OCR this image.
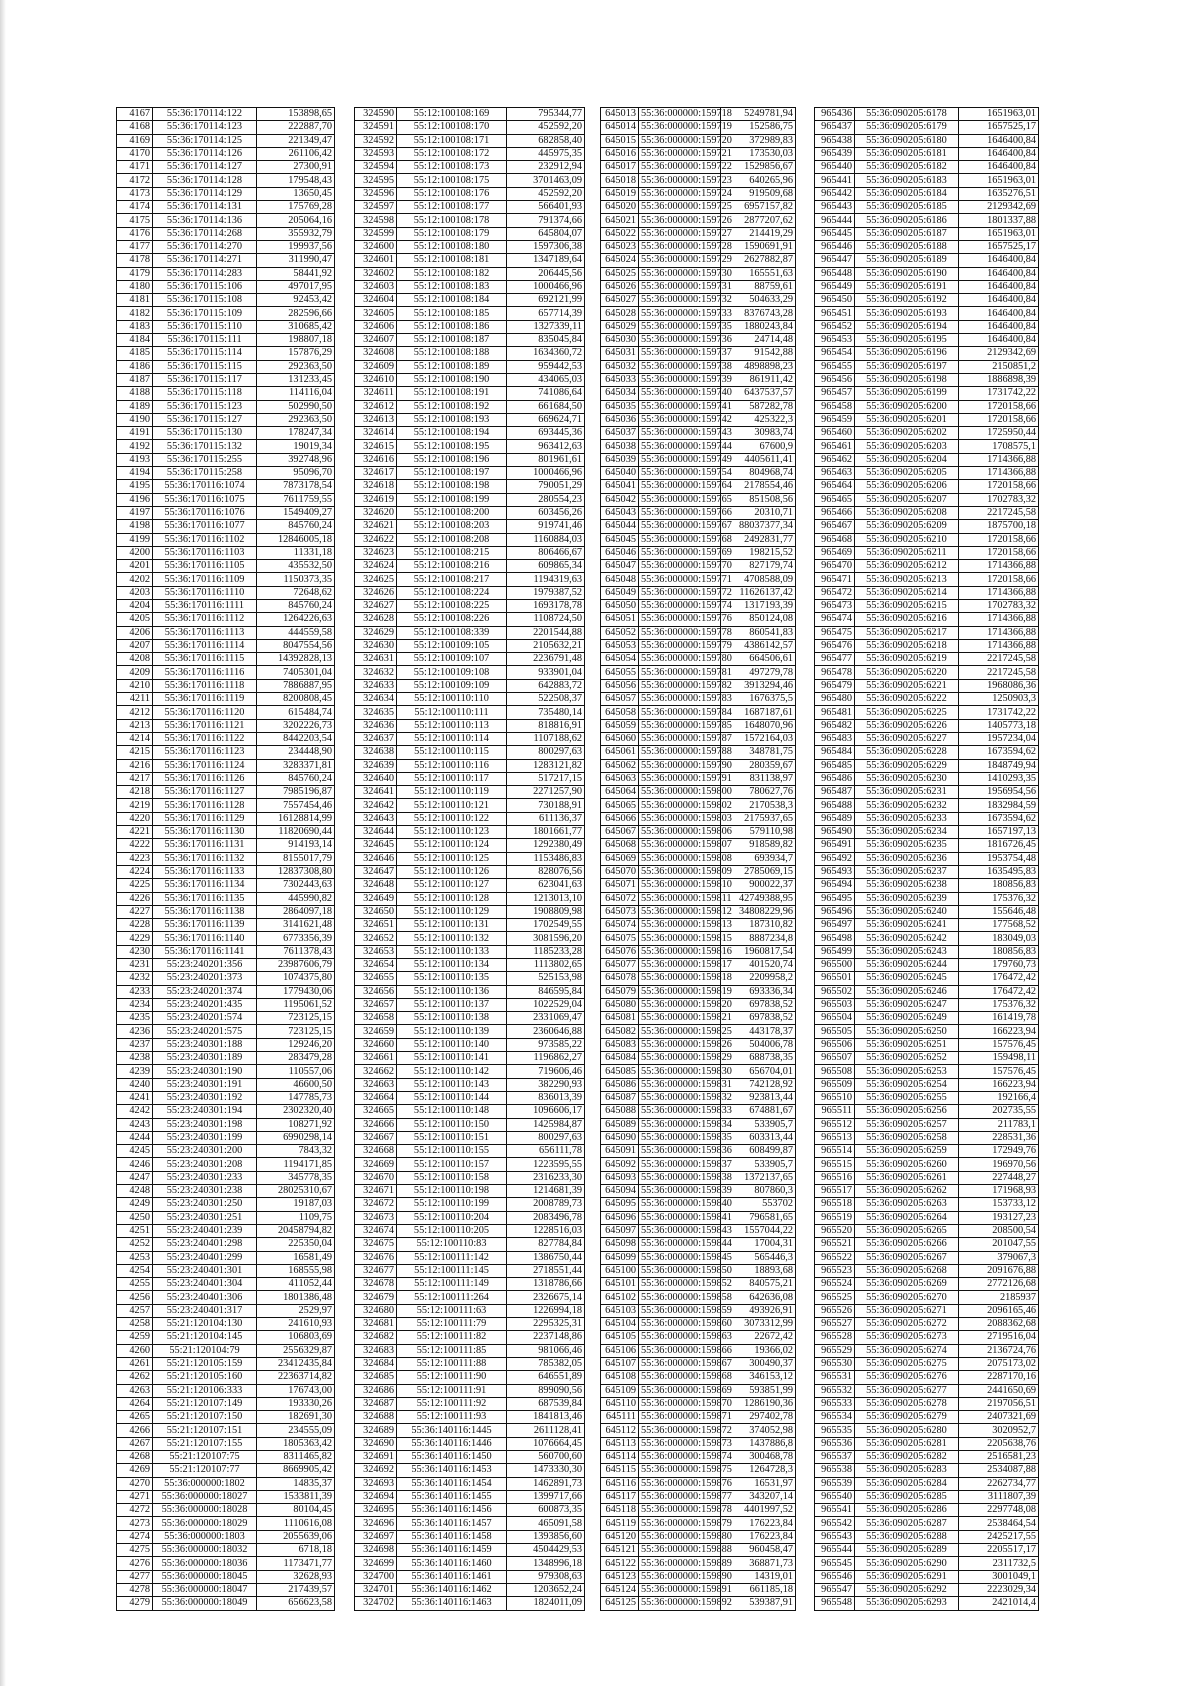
4167	55:36:170114:122	153898,65
4168	55:36:170114:123	222887,70
4169	55:36:170114:125	221349,47
4170	55:36:170114:126	261106,42
4171	55:36:170114:127	27300,91
4172	55:36:170114:128	179548,43
4173	55:36:170114:129	13650,45
4174	55:36:170114:131	175769,28
4175	55:36:170114:136	205064,16
4176	55:36:170114:268	355932,79
4177	55:36:170114:270	199937,56
4178	55:36:170114:271	311990,47
4179	55:36:170114:283	58441,92
4180	55:36:170115:106	497017,95
4181	55:36:170115:108	92453,42
4182	55:36:170115:109	282596,66
4183	55:36:170115:110	310685,42
4184	55:36:170115:111	198807,18
4185	55:36:170115:114	157876,29
4186	55:36:170115:115	292363,50
4187	55:36:170115:117	131233,45
4188	55:36:170115:118	114116,04
4189	55:36:170115:123	502990,50
4190	55:36:170115:127	292363,50
4191	55:36:170115:130	178247,34
4192	55:36:170115:132	19019,34
4193	55:36:170115:255	392748,96
4194	55:36:170115:258	95096,70
4195	55:36:170116:1074	7873178,54
4196	55:36:170116:1075	7611759,55
4197	55:36:170116:1076	1549409,27
4198	55:36:170116:1077	845760,24
4199	55:36:170116:1102	12846005,18
4200	55:36:170116:1103	11331,18
4201	55:36:170116:1105	435532,50
4202	55:36:170116:1109	1150373,35
4203	55:36:170116:1110	72648,62
4204	55:36:170116:1111	845760,24
4205	55:36:170116:1112	1264226,63
4206	55:36:170116:1113	444559,58
4207	55:36:170116:1114	8047554,56
4208	55:36:170116:1115	14392828,13
4209	55:36:170116:1116	7405301,04
4210	55:36:170116:1118	7886887,95
4211	55:36:170116:1119	8200808,45
4212	55:36:170116:1120	615484,74
4213	55:36:170116:1121	3202226,73
4214	55:36:170116:1122	8442203,54
4215	55:36:170116:1123	234448,90
4216	55:36:170116:1124	3283371,81
4217	55:36:170116:1126	845760,24
4218	55:36:170116:1127	7985196,87
4219	55:36:170116:1128	7557454,46
4220	55:36:170116:1129	16128814,99
4221	55:36:170116:1130	11820690,44
4222	55:36:170116:1131	914193,14
4223	55:36:170116:1132	8155017,79
4224	55:36:170116:1133	12837308,80
4225	55:36:170116:1134	7302443,63
4226	55:36:170116:1135	445990,82
4227	55:36:170116:1138	2864097,18
4228	55:36:170116:1139	3141621,48
4229	55:36:170116:1140	6773356,39
4230	55:36:170116:1141	7611378,43
4231	55:23:240201:356	23987606,79
4232	55:23:240201:373	1074375,80
4233	55:23:240201:374	1779430,06
4234	55:23:240201:435	1195061,52
4235	55:23:240201:574	723125,15
4236	55:23:240201:575	723125,15
4237	55:23:240301:188	129246,20
4238	55:23:240301:189	283479,28
4239	55:23:240301:190	110557,06
4240	55:23:240301:191	46600,50
4241	55:23:240301:192	147785,73
4242	55:23:240301:194	2302320,40
4243	55:23:240301:198	108271,92
4244	55:23:240301:199	6990298,14
4245	55:23:240301:200	7843,32
4246	55:23:240301:208	1194171,85
4247	55:23:240301:233	345778,35
4248	55:23:240301:238	28025310,67
4249	55:23:240301:250	19187,03
4250	55:23:240301:251	1109,75
4251	55:23:240401:239	20458794,82
4252	55:23:240401:298	225350,04
4253	55:23:240401:299	16581,49
4254	55:23:240401:301	168555,98
4255	55:23:240401:304	411052,44
4256	55:23:240401:306	1801386,48
4257	55:23:240401:317	2529,97
4258	55:21:120104:130	241610,93
4259	55:21:120104:145	106803,69
4260	55:21:120104:79	2556329,87
4261	55:21:120105:159	23412435,84
4262	55:21:120105:160	22363714,82
4263	55:21:120106:333	176743,00
4264	55:21:120107:149	193330,26
4265	55:21:120107:150	182691,30
4266	55:21:120107:151	234555,09
4267	55:21:120107:155	1805363,42
4268	55:21:120107:75	8311465,82
4269	55:21:120107:77	8669905,42
4270	55:36:000000:1802	14835,37
4271	55:36:000000:18027	1533811,39
4272	55:36:000000:18028	80104,45
4273	55:36:000000:18029	1110616,08
4274	55:36:000000:1803	2055639,06
4275	55:36:000000:18032	6718,18
4276	55:36:000000:18036	1173471,77
4277	55:36:000000:18045	32628,93
4278	55:36:000000:18047	217439,57
4279	55:36:000000:18049	656623,58
324590	55:12:100108:169	795344,77
324591	55:12:100108:170	452592,20
324592	55:12:100108:171	682858,40
324593	55:12:100108:172	445975,35
324594	55:12:100108:173	232912,94
324595	55:12:100108:175	3701463,09
324596	55:12:100108:176	452592,20
324597	55:12:100108:177	566401,93
324598	55:12:100108:178	791374,66
324599	55:12:100108:179	645804,07
324600	55:12:100108:180	1597306,38
324601	55:12:100108:181	1347189,64
324602	55:12:100108:182	206445,56
324603	55:12:100108:183	1000466,96
324604	55:12:100108:184	692121,99
324605	55:12:100108:185	657714,39
324606	55:12:100108:186	1327339,11
324607	55:12:100108:187	835045,84
324608	55:12:100108:188	1634360,72
324609	55:12:100108:189	959442,53
324610	55:12:100108:190	434065,03
324611	55:12:100108:191	741086,64
324612	55:12:100108:192	661684,50
324613	55:12:100108:193	669624,71
324614	55:12:100108:194	693445,36
324615	55:12:100108:195	963412,63
324616	55:12:100108:196	801961,61
324617	55:12:100108:197	1000466,96
324618	55:12:100108:198	790051,29
324619	55:12:100108:199	280554,23
324620	55:12:100108:200	603456,26
324621	55:12:100108:203	919741,46
324622	55:12:100108:208	1160884,03
324623	55:12:100108:215	806466,67
324624	55:12:100108:216	609865,34
324625	55:12:100108:217	1194319,63
324626	55:12:100108:224	1979387,52
324627	55:12:100108:225	1693178,78
324628	55:12:100108:226	1108724,50
324629	55:12:100108:339	2201544,88
324630	55:12:100109:105	2105632,21
324631	55:12:100109:107	2236791,48
324632	55:12:100109:108	933901,04
324633	55:12:100109:109	642883,72
324634	55:12:100110:110	522508,37
324635	55:12:100110:111	735480,14
324636	55:12:100110:113	818816,91
324637	55:12:100110:114	1107188,62
324638	55:12:100110:115	800297,63
324639	55:12:100110:116	1283121,82
324640	55:12:100110:117	517217,15
324641	55:12:100110:119	2271257,90
324642	55:12:100110:121	730188,91
324643	55:12:100110:122	611136,37
324644	55:12:100110:123	1801661,77
324645	55:12:100110:124	1292380,49
324646	55:12:100110:125	1153486,83
324647	55:12:100110:126	828076,56
324648	55:12:100110:127	623041,63
324649	55:12:100110:128	1213013,10
324650	55:12:100110:129	1908809,98
324651	55:12:100110:131	1702549,55
324652	55:12:100110:132	3081596,20
324653	55:12:100110:133	1185233,28
324654	55:12:100110:134	1113802,65
324655	55:12:100110:135	525153,98
324656	55:12:100110:136	846595,84
324657	55:12:100110:137	1022529,04
324658	55:12:100110:138	2331069,47
324659	55:12:100110:139	2360646,88
324660	55:12:100110:140	973585,22
324661	55:12:100110:141	1196862,27
324662	55:12:100110:142	719606,46
324663	55:12:100110:143	382290,93
324664	55:12:100110:144	836013,39
324665	55:12:100110:148	1096606,17
324666	55:12:100110:150	1425984,87
324667	55:12:100110:151	800297,63
324668	55:12:100110:155	656111,78
324669	55:12:100110:157	1223595,55
324670	55:12:100110:158	2316233,30
324671	55:12:100110:198	1214681,39
324672	55:12:100110:199	2008789,73
324673	55:12:100110:204	2083496,78
324674	55:12:100110:205	1228516,03
324675	55:12:100110:83	827784,84
324676	55:12:100111:142	1386750,44
324677	55:12:100111:145	2718551,44
324678	55:12:100111:149	1318786,66
324679	55:12:100111:264	2326675,14
324680	55:12:100111:63	1226994,18
324681	55:12:100111:79	2295325,31
324682	55:12:100111:82	2237148,86
324683	55:12:100111:85	981066,46
324684	55:12:100111:88	785382,05
324685	55:12:100111:90	646551,89
324686	55:12:100111:91	899090,56
324687	55:12:100111:92	687539,84
324688	55:12:100111:93	1841813,46
324689	55:36:140116:1445	2611128,41
324690	55:36:140116:1446	1076664,45
324691	55:36:140116:1450	560700,60
324692	55:36:140116:1453	1473330,30
324693	55:36:140116:1454	1462891,73
324694	55:36:140116:1455	1399717,66
324695	55:36:140116:1456	600873,35
324696	55:36:140116:1457	465091,58
324697	55:36:140116:1458	1393856,60
324698	55:36:140116:1459	4504429,53
324699	55:36:140116:1460	1348996,18
324700	55:36:140116:1461	979308,63
324701	55:36:140116:1462	1203652,24
324702	55:36:140116:1463	1824011,09
645013	55:36:000000:159718	5249781,94
645014	55:36:000000:159719	152586,75
645015	55:36:000000:159720	372989,83
645016	55:36:000000:159721	173530,03
645017	55:36:000000:159722	1529856,67
645018	55:36:000000:159723	640265,96
645019	55:36:000000:159724	919509,68
645020	55:36:000000:159725	6957157,82
645021	55:36:000000:159726	2877207,62
645022	55:36:000000:159727	214419,29
645023	55:36:000000:159728	1590691,91
645024	55:36:000000:159729	2627882,87
645025	55:36:000000:159730	165551,63
645026	55:36:000000:159731	88759,61
645027	55:36:000000:159732	504633,29
645028	55:36:000000:159733	8376743,28
645029	55:36:000000:159735	1880243,84
645030	55:36:000000:159736	24714,48
645031	55:36:000000:159737	91542,88
645032	55:36:000000:159738	4898898,23
645033	55:36:000000:159739	861911,42
645034	55:36:000000:159740	6437537,57
645035	55:36:000000:159741	587282,78
645036	55:36:000000:159742	425322,3
645037	55:36:000000:159743	30983,74
645038	55:36:000000:159744	67600,9
645039	55:36:000000:159749	4405611,41
645040	55:36:000000:159754	804968,74
645041	55:36:000000:159764	2178554,46
645042	55:36:000000:159765	851508,56
645043	55:36:000000:159766	20310,71
645044	55:36:000000:159767	88037377,34
645045	55:36:000000:159768	2492831,77
645046	55:36:000000:159769	198215,52
645047	55:36:000000:159770	827179,74
645048	55:36:000000:159771	4708588,09
645049	55:36:000000:159772	11626137,42
645050	55:36:000000:159774	1317193,39
645051	55:36:000000:159776	850124,08
645052	55:36:000000:159778	860541,83
645053	55:36:000000:159779	4386142,57
645054	55:36:000000:159780	664506,61
645055	55:36:000000:159781	497279,78
645056	55:36:000000:159782	3913294,46
645057	55:36:000000:159783	1676375,5
645058	55:36:000000:159784	1687187,61
645059	55:36:000000:159785	1648070,96
645060	55:36:000000:159787	1572164,03
645061	55:36:000000:159788	348781,75
645062	55:36:000000:159790	280359,67
645063	55:36:000000:159791	831138,97
645064	55:36:000000:159800	780627,76
645065	55:36:000000:159802	2170538,3
645066	55:36:000000:159803	2175937,65
645067	55:36:000000:159806	579110,98
645068	55:36:000000:159807	918589,82
645069	55:36:000000:159808	693934,7
645070	55:36:000000:159809	2785069,15
645071	55:36:000000:159810	900022,37
645072	55:36:000000:159811	42749388,95
645073	55:36:000000:159812	34808229,96
645074	55:36:000000:159813	187310,82
645075	55:36:000000:159815	8887234,8
645076	55:36:000000:159816	1960817,54
645077	55:36:000000:159817	401520,74
645078	55:36:000000:159818	2209958,2
645079	55:36:000000:159819	693336,34
645080	55:36:000000:159820	697838,52
645081	55:36:000000:159821	697838,52
645082	55:36:000000:159825	443178,37
645083	55:36:000000:159826	504006,78
645084	55:36:000000:159829	688738,35
645085	55:36:000000:159830	656704,01
645086	55:36:000000:159831	742128,92
645087	55:36:000000:159832	923813,44
645088	55:36:000000:159833	674881,67
645089	55:36:000000:159834	533905,7
645090	55:36:000000:159835	603313,44
645091	55:36:000000:159836	608499,87
645092	55:36:000000:159837	533905,7
645093	55:36:000000:159838	1372137,65
645094	55:36:000000:159839	807860,3
645095	55:36:000000:159840	553702
645096	55:36:000000:159841	796581,65
645097	55:36:000000:159843	1557044,22
645098	55:36:000000:159844	17004,31
645099	55:36:000000:159845	565446,3
645100	55:36:000000:159850	18893,68
645101	55:36:000000:159852	840575,21
645102	55:36:000000:159858	642636,08
645103	55:36:000000:159859	493926,91
645104	55:36:000000:159860	3073312,99
645105	55:36:000000:159863	22672,42
645106	55:36:000000:159866	19366,02
645107	55:36:000000:159867	300490,37
645108	55:36:000000:159868	346153,12
645109	55:36:000000:159869	593851,99
645110	55:36:000000:159870	1286190,36
645111	55:36:000000:159871	297402,78
645112	55:36:000000:159872	374052,98
645113	55:36:000000:159873	1437886,8
645114	55:36:000000:159874	300468,78
645115	55:36:000000:159875	1264728,3
645116	55:36:000000:159876	16531,97
645117	55:36:000000:159877	343207,14
645118	55:36:000000:159878	4401997,52
645119	55:36:000000:159879	176223,84
645120	55:36:000000:159880	176223,84
645121	55:36:000000:159888	960458,47
645122	55:36:000000:159889	368871,73
645123	55:36:000000:159890	14319,01
645124	55:36:000000:159891	661185,18
645125	55:36:000000:159892	539387,91
965436	55:36:090205:6178	1651963,01
965437	55:36:090205:6179	1657525,17
965438	55:36:090205:6180	1646400,84
965439	55:36:090205:6181	1646400,84
965440	55:36:090205:6182	1646400,84
965441	55:36:090205:6183	1651963,01
965442	55:36:090205:6184	1635276,51
965443	55:36:090205:6185	2129342,69
965444	55:36:090205:6186	1801337,88
965445	55:36:090205:6187	1651963,01
965446	55:36:090205:6188	1657525,17
965447	55:36:090205:6189	1646400,84
965448	55:36:090205:6190	1646400,84
965449	55:36:090205:6191	1646400,84
965450	55:36:090205:6192	1646400,84
965451	55:36:090205:6193	1646400,84
965452	55:36:090205:6194	1646400,84
965453	55:36:090205:6195	1646400,84
965454	55:36:090205:6196	2129342,69
965455	55:36:090205:6197	2150851,2
965456	55:36:090205:6198	1886898,39
965457	55:36:090205:6199	1731742,22
965458	55:36:090205:6200	1720158,66
965459	55:36:090205:6201	1720158,66
965460	55:36:090205:6202	1725950,44
965461	55:36:090205:6203	1708575,1
965462	55:36:090205:6204	1714366,88
965463	55:36:090205:6205	1714366,88
965464	55:36:090205:6206	1720158,66
965465	55:36:090205:6207	1702783,32
965466	55:36:090205:6208	2217245,58
965467	55:36:090205:6209	1875700,18
965468	55:36:090205:6210	1720158,66
965469	55:36:090205:6211	1720158,66
965470	55:36:090205:6212	1714366,88
965471	55:36:090205:6213	1720158,66
965472	55:36:090205:6214	1714366,88
965473	55:36:090205:6215	1702783,32
965474	55:36:090205:6216	1714366,88
965475	55:36:090205:6217	1714366,88
965476	55:36:090205:6218	1714366,88
965477	55:36:090205:6219	2217245,58
965478	55:36:090205:6220	2217245,58
965479	55:36:090205:6221	1968086,36
965480	55:36:090205:6222	1250903,3
965481	55:36:090205:6225	1731742,22
965482	55:36:090205:6226	1405773,18
965483	55:36:090205:6227	1957234,04
965484	55:36:090205:6228	1673594,62
965485	55:36:090205:6229	1848749,94
965486	55:36:090205:6230	1410293,35
965487	55:36:090205:6231	1956954,56
965488	55:36:090205:6232	1832984,59
965489	55:36:090205:6233	1673594,62
965490	55:36:090205:6234	1657197,13
965491	55:36:090205:6235	1816726,45
965492	55:36:090205:6236	1953754,48
965493	55:36:090205:6237	1635495,83
965494	55:36:090205:6238	180856,83
965495	55:36:090205:6239	175376,32
965496	55:36:090205:6240	155646,48
965497	55:36:090205:6241	177568,52
965498	55:36:090205:6242	183049,03
965499	55:36:090205:6243	180856,83
965500	55:36:090205:6244	179760,73
965501	55:36:090205:6245	176472,42
965502	55:36:090205:6246	176472,42
965503	55:36:090205:6247	175376,32
965504	55:36:090205:6249	161419,78
965505	55:36:090205:6250	166223,94
965506	55:36:090205:6251	157576,45
965507	55:36:090205:6252	159498,11
965508	55:36:090205:6253	157576,45
965509	55:36:090205:6254	166223,94
965510	55:36:090205:6255	192166,4
965511	55:36:090205:6256	202735,55
965512	55:36:090205:6257	211783,1
965513	55:36:090205:6258	228531,36
965514	55:36:090205:6259	172949,76
965515	55:36:090205:6260	196970,56
965516	55:36:090205:6261	227448,27
965517	55:36:090205:6262	171968,93
965518	55:36:090205:6263	153733,12
965519	55:36:090205:6264	193127,23
965520	55:36:090205:6265	208500,54
965521	55:36:090205:6266	201047,55
965522	55:36:090205:6267	379067,3
965523	55:36:090205:6268	2091676,88
965524	55:36:090205:6269	2772126,68
965525	55:36:090205:6270	2185937
965526	55:36:090205:6271	2096165,46
965527	55:36:090205:6272	2088362,68
965528	55:36:090205:6273	2719516,04
965529	55:36:090205:6274	2136724,76
965530	55:36:090205:6275	2075173,02
965531	55:36:090205:6276	2287170,16
965532	55:36:090205:6277	2441650,69
965533	55:36:090205:6278	2197056,51
965534	55:36:090205:6279	2407321,69
965535	55:36:090205:6280	3020952,7
965536	55:36:090205:6281	2205638,76
965537	55:36:090205:6282	2516581,23
965538	55:36:090205:6283	2534087,88
965539	55:36:090205:6284	2262734,77
965540	55:36:090205:6285	3111807,39
965541	55:36:090205:6286	2297748,08
965542	55:36:090205:6287	2538464,54
965543	55:36:090205:6288	2425217,55
965544	55:36:090205:6289	2205517,17
965545	55:36:090205:6290	2311732,5
965546	55:36:090205:6291	3001049,1
965547	55:36:090205:6292	2223029,34
965548	55:36:090205:6293	2421014,4
